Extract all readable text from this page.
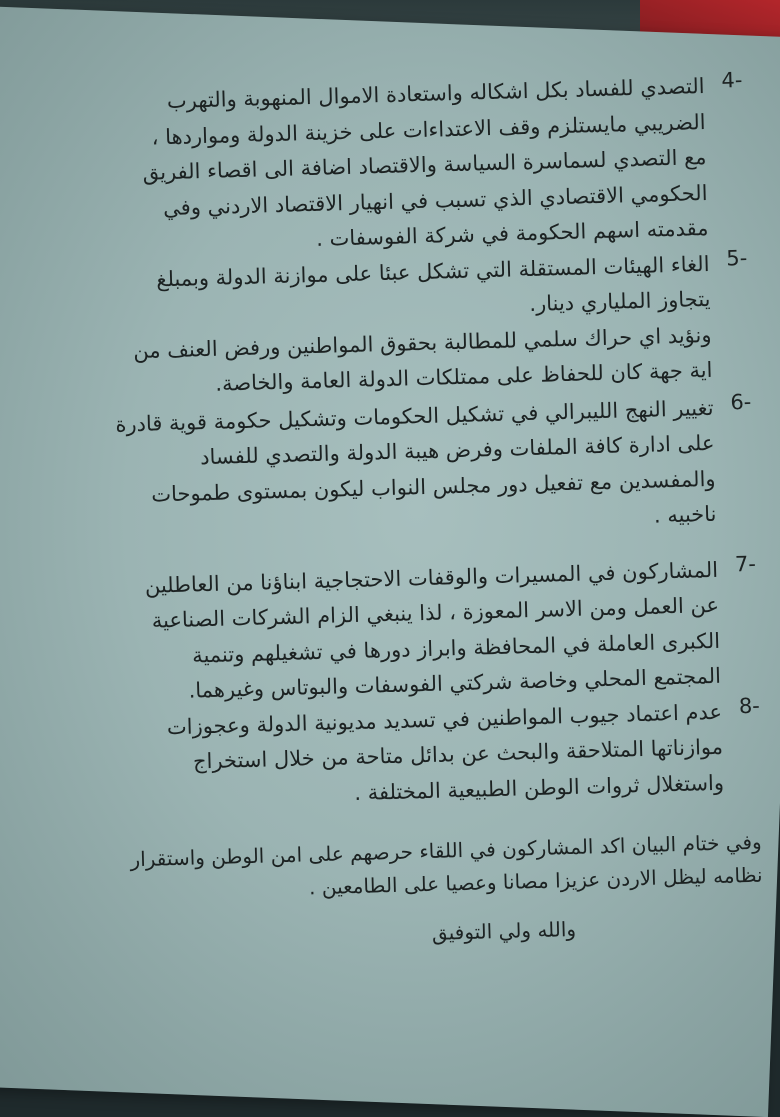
4-

التصدي للفساد بكل اشكاله واستعادة الاموال المنهوبة والتهرب
الضريبي مايستلزم وقف الاعتداءات على خزينة الدولة ومواردها ،
مع التصدي لسماسرة السياسة والاقتصاد اضافة الى اقصاء الفريق
الحكومي الاقتصادي الذي تسبب في انهيار الاقتصاد الاردني وفي
مقدمته اسهم الحكومة في شركة الفوسفات .

5-

الغاء الهيئات المستقلة التي تشكل عبئا على موازنة الدولة وبمبلغ
يتجاوز الملياري دينار.
ونؤيد اي حراك سلمي للمطالبة بحقوق المواطنين ورفض العنف من
اية جهة كان للحفاظ على ممتلكات الدولة العامة والخاصة.

6-

تغيير النهج الليبرالي في تشكيل الحكومات وتشكيل حكومة قوية قادرة
على ادارة كافة الملفات وفرض هيبة الدولة والتصدي للفساد
والمفسدين مع تفعيل دور مجلس النواب ليكون بمستوى طموحات
ناخبيه .

7-

المشاركون في المسيرات والوقفات الاحتجاجية ابناؤنا من العاطلين
عن العمل ومن الاسر المعوزة ، لذا ينبغي الزام الشركات الصناعية
الكبرى العاملة في المحافظة وابراز دورها في تشغيلهم وتنمية
المجتمع المحلي وخاصة شركتي الفوسفات والبوتاس وغيرهما.

8-

عدم اعتماد جيوب المواطنين في تسديد مديونية الدولة وعجوزات
موازناتها المتلاحقة والبحث عن بدائل متاحة من خلال استخراج
واستغلال ثروات الوطن الطبيعية المختلفة .

وفي ختام البيان اكد المشاركون في اللقاء حرصهم على امن الوطن واستقرار
نظامه ليظل الاردن عزيزا مصانا وعصيا على الطامعين .

والله ولي التوفيق
